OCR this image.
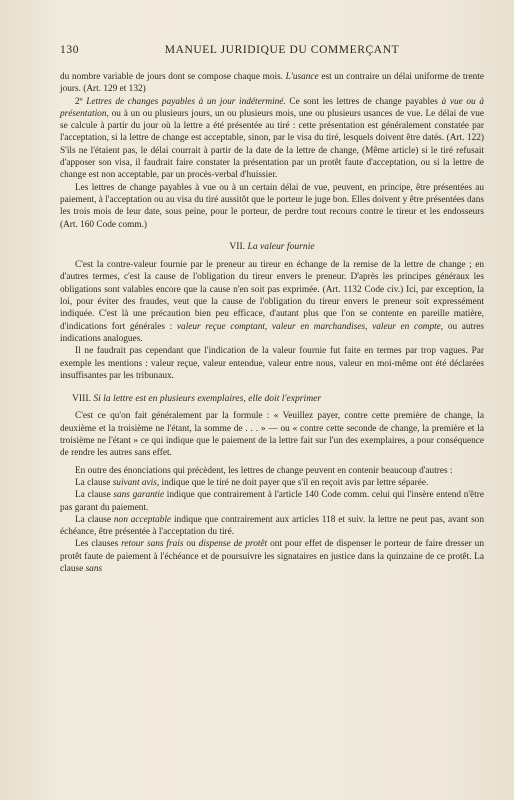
130	MANUEL JURIDIQUE DU COMMERÇANT

du nombre variable de jours dont se compose chaque mois. L'usance est un contraire un délai uniforme de trente jours. (Art. 129 et 132)

2º Lettres de changes payables à un jour indéterminé. Ce sont les lettres de change payables à vue ou à présentation, ou à un ou plusieurs jours, un ou plusieurs mois, une ou plusieurs usances de vue. Le délai de vue se calcule à partir du jour où la lettre a été présentée au tiré : cette présentation est généralement constatée par l'acceptation, si la lettre de change est acceptable, sinon, par le visa du tiré, lesquels doivent être datés. (Art. 122) S'ils ne l'étaient pas, le délai courrait à partir de la date de la lettre de change, (Même article) si le tiré refusait d'apposer son visa, il faudrait faire constater la présentation par un protêt faute d'acceptation, ou si la lettre de change est non acceptable, par un procès-verbal d'huissier.

Les lettres de change payables à vue ou à un certain délai de vue, peuvent, en principe, être présentées au paiement, à l'acceptation ou au visa du tiré aussitôt que le porteur le juge bon. Elles doivent y être présentées dans les trois mois de leur date, sous peine, pour le porteur, de perdre tout recours contre le tireur et les endosseurs (Art. 160 Code comm.)

VII. La valeur fournie

C'est la contre-valeur fournie par le preneur au tireur en échange de la remise de la lettre de change ; en d'autres termes, c'est la cause de l'obligation du tireur envers le preneur. D'après les principes généraux les obligations sont valables encore que la cause n'en soit pas exprimée. (Art. 1132 Code civ.) Ici, par exception, la loi, pour éviter des fraudes, veut que la cause de l'obligation du tireur envers le preneur soit expressément indiquée. C'est là une précaution bien peu efficace, d'autant plus que l'on se contente en pareille matière, d'indications fort générales : valeur reçue comptant, valeur en marchandises, valeur en compte, ou autres indications analogues.

Il ne faudrait pas cependant que l'indication de la valeur fournie fut faite en termes par trop vagues. Par exemple les mentions : valeur reçue, valeur entendue, valeur entre nous, valeur en moi-même ont été déclarées insuffisantes par les tribunaux.

VIII. Si la lettre est en plusieurs exemplaires, elle doit l'exprimer

C'est ce qu'on fait généralement par la formule : « Veuillez payer, contre cette première de change, la deuxième et la troisième ne l'étant, la somme de . . . » — ou « contre cette seconde de change, la première et la troisième ne l'étant » ce qui indique que le paiement de la lettre fait sur l'un des exemplaires, a pour conséquence de rendre les autres sans effet.

En outre des énonciations qui précèdent, les lettres de change peuvent en contenir beaucoup d'autres :

La clause suivant avis, indique que le tiré ne doit payer que s'il en reçoit avis par lettre séparée.

La clause sans garantie indique que contrairement à l'article 140 Code comm. celui qui l'insère entend n'être pas garant du paiement.

La clause non acceptable indique que contrairement aux articles 118 et suiv. la lettre ne peut pas, avant son échéance, être présentée à l'acceptation du tiré.

Les clauses retour sans frais ou dispense de protêt ont pour effet de dispenser le porteur de faire dresser un protêt faute de paiement à l'échéance et de poursuivre les signataires en justice dans la quinzaine de ce protêt. La clause sans
